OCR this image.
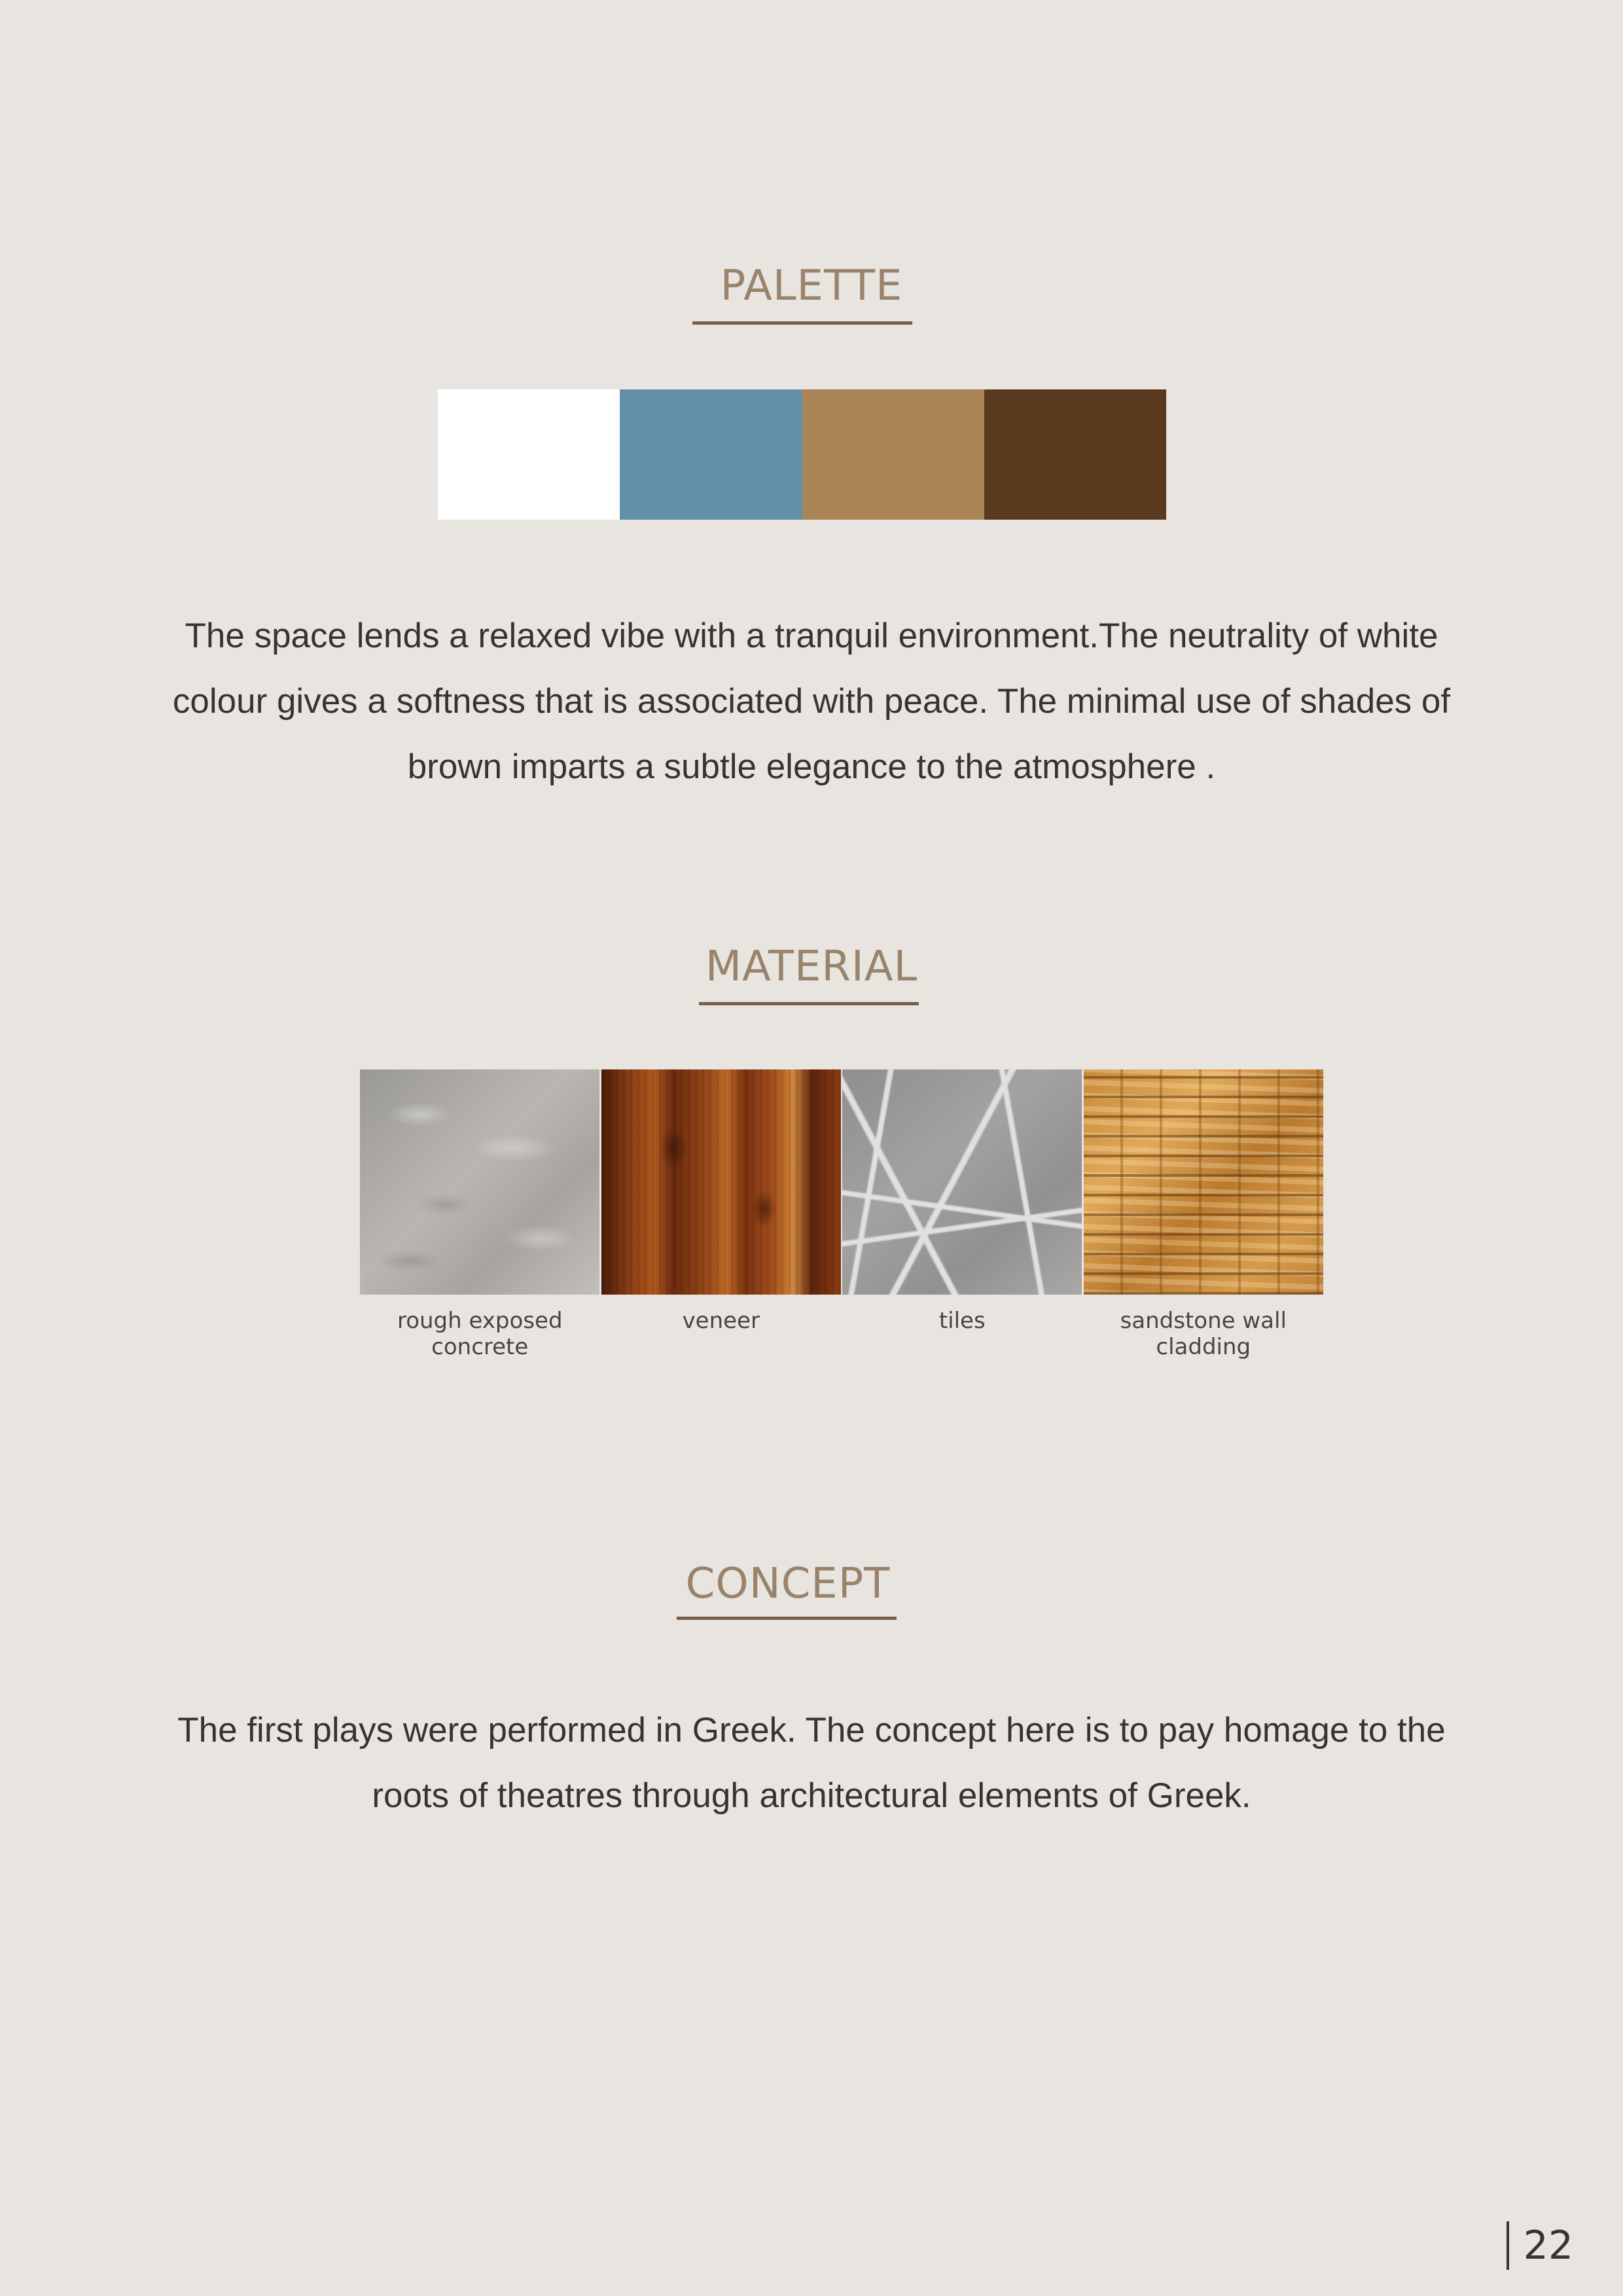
PALETTE

The space lends a relaxed vibe with a tranquil environment.The neutrality of white colour gives a softness that is associated with peace. The minimal use of shades of brown imparts a subtle elegance to the atmosphere .

MATERIAL
rough exposed concrete
veneer	tiles	sandstone wall cladding
CONCEPT

The first plays were performed in Greek. The concept here is to pay homage to the roots of theatres through architectural elements of Greek.

22
